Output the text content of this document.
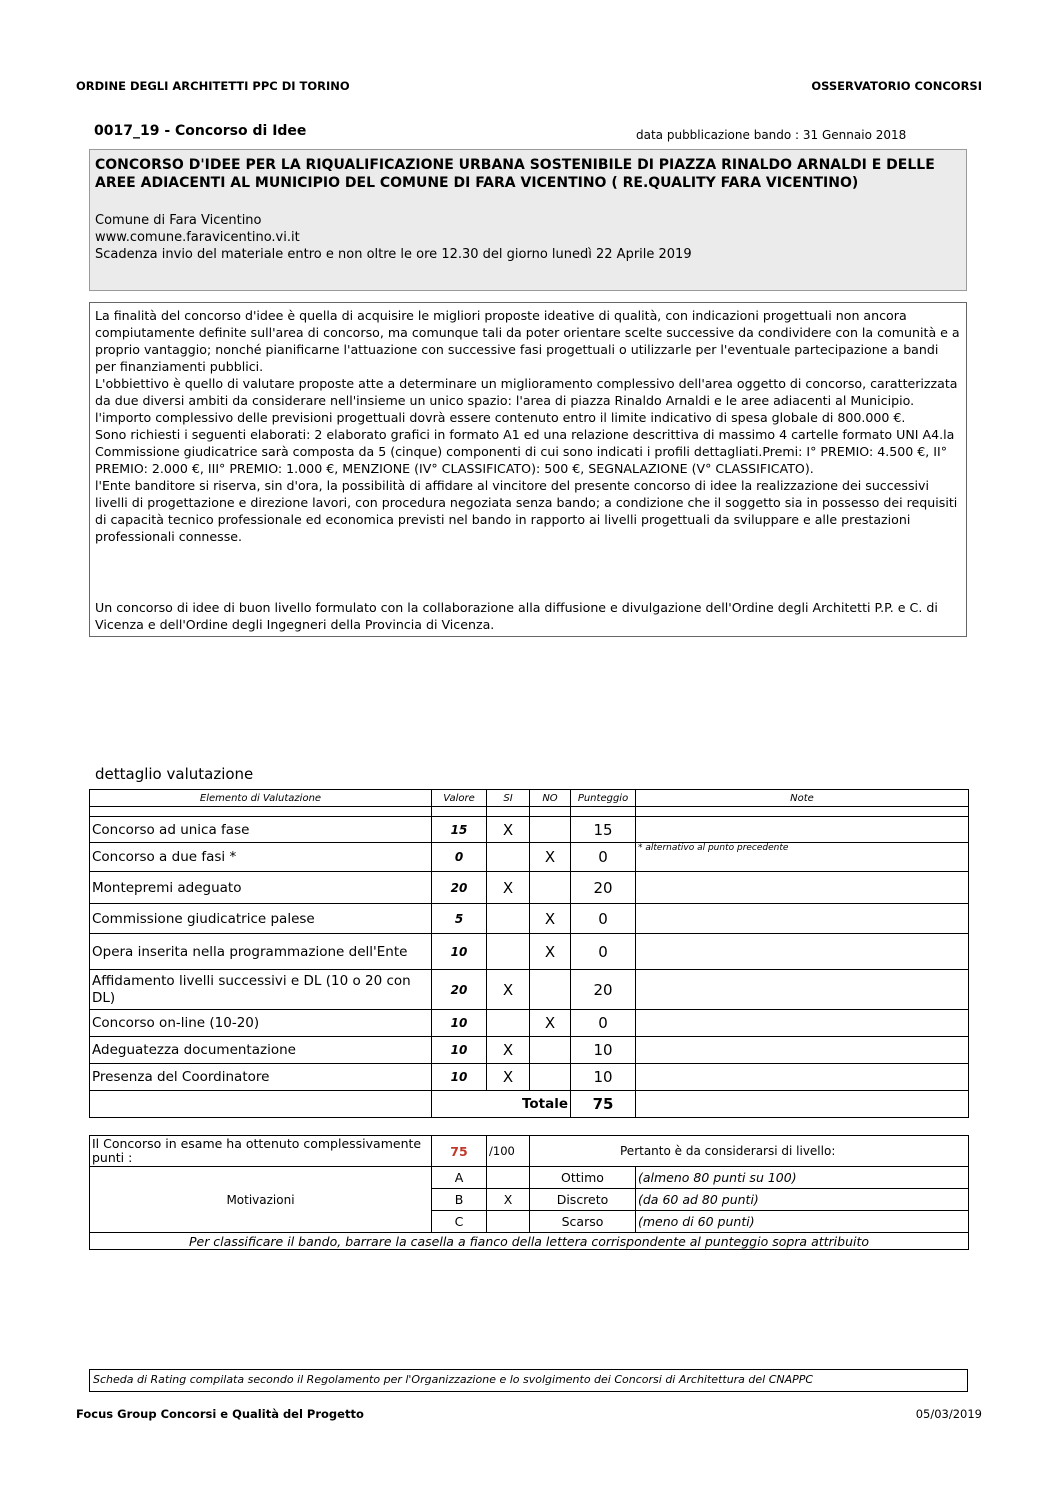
ORDINE DEGLI ARCHITETTI PPC DI TORINO	OSSERVATORIO CONCORSI
0017_19 - Concorso di Idee	data pubblicazione bando : 31 Gennaio 2018
CONCORSO D'IDEE PER LA RIQUALIFICAZIONE URBANA SOSTENIBILE DI PIAZZA RINALDO ARNALDI E DELLE AREE ADIACENTI AL MUNICIPIO DEL COMUNE DI FARA VICENTINO ( RE.QUALITY FARA VICENTINO)
Comune di Fara Vicentino
www.comune.faravicentino.vi.it
Scadenza invio del materiale entro e non oltre le ore 12.30 del giorno lunedì 22 Aprile 2019
La finalità del concorso d'idee è quella di acquisire le migliori proposte ideative di qualità, con indicazioni progettuali non ancora compiutamente definite sull'area di concorso, ma comunque tali da poter orientare scelte successive da condividere con la comunità e a proprio vantaggio; nonché pianificarne l'attuazione con successive fasi progettuali o utilizzarle per l'eventuale partecipazione a bandi per finanziamenti pubblici.
L'obbiettivo è quello di valutare proposte atte a determinare un miglioramento complessivo dell'area oggetto di concorso, caratterizzata da due diversi ambiti da considerare nell'insieme un unico spazio: l'area di piazza Rinaldo Arnaldi e le aree adiacenti al Municipio. l'importo complessivo delle previsioni progettuali dovrà essere contenuto entro il limite indicativo di spesa globale di 800.000 €.
Sono richiesti i seguenti elaborati: 2 elaborato grafici in formato A1 ed una relazione descrittiva di massimo 4 cartelle formato UNI A4.la Commissione giudicatrice sarà composta da 5 (cinque) componenti di cui sono indicati i profili dettagliati.Premi: I° PREMIO: 4.500 €, II° PREMIO: 2.000 €, III° PREMIO: 1.000 €, MENZIONE (IV° CLASSIFICATO): 500 €, SEGNALAZIONE (V° CLASSIFICATO).
l'Ente banditore si riserva, sin d'ora, la possibilità di affidare al vincitore del presente concorso di idee la realizzazione dei successivi livelli di progettazione e direzione lavori, con procedura negoziata senza bando; a condizione che il soggetto sia in possesso dei requisiti di capacità tecnico professionale ed economica previsti nel bando in rapporto ai livelli progettuali da sviluppare e alle prestazioni professionali connesse.
Un concorso di idee di buon livello formulato con la collaborazione alla diffusione e divulgazione dell'Ordine degli Architetti P.P. e C. di Vicenza e dell'Ordine degli Ingegneri della Provincia di Vicenza.
dettaglio valutazione
Elemento di Valutazione	Valore	SI	NO	Punteggio	Note

Concorso ad unica fase	15	X		15	
Concorso a due fasi *	0		X	0	* alternativo al punto precedente
Montepremi adeguato	20	X		20	
Commissione giudicatrice palese	5		X	0	
Opera inserita nella programmazione dell'Ente	10		X	0	
Affidamento livelli successivi e DL (10 o 20 con DL)	20	X		20	
Concorso on-line (10-20)	10		X	0	
Adeguatezza documentazione	10	X		10	
Presenza del Coordinatore	10	X		10	
	Totale			75	
Il Concorso in esame ha ottenuto complessivamente punti :	75	/100	Pertanto è da considerarsi di livello:	
Motivazioni	A		Ottimo	(almeno 80 punti su 100)
	B	X	Discreto	(da 60 ad 80 punti)
	C		Scarso	(meno di 60 punti)
Per classificare il bando, barrare la casella a fianco della lettera corrispondente al punteggio sopra attribuito				
Scheda di Rating compilata secondo il Regolamento per l'Organizzazione e lo svolgimento dei Concorsi di Architettura del CNAPPC
Focus Group Concorsi e Qualità del Progetto	05/03/2019
